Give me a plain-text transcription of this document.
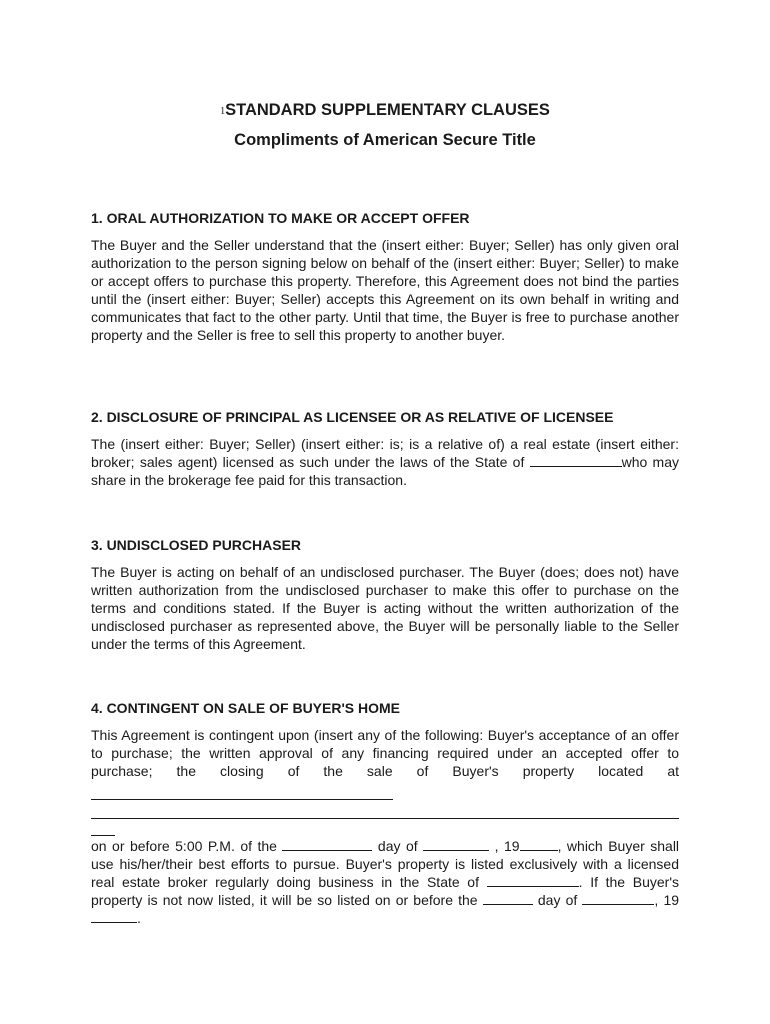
$^1$STANDARD SUPPLEMENTARY CLAUSES
Compliments of American Secure Title

1. ORAL AUTHORIZATION TO MAKE OR ACCEPT OFFER

The Buyer and the Seller understand that the (insert either: Buyer; Seller) has only given oral authorization to the person signing below on behalf of the (insert either: Buyer; Seller) to make or accept offers to purchase this property. Therefore, this Agreement does not bind the parties until the (insert either: Buyer; Seller) accepts this Agreement on its own behalf in writing and communicates that fact to the other party. Until that time, the Buyer is free to purchase another property and the Seller is free to sell this property to another buyer.

2. DISCLOSURE OF PRINCIPAL AS LICENSEE OR AS RELATIVE OF LICENSEE

The (insert either: Buyer; Seller) (insert either: is; is a relative of) a real estate (insert either: broker; sales agent) licensed as such under the laws of the State of	who may share in the brokerage fee paid for this transaction.

3. UNDISCLOSED PURCHASER

The Buyer is acting on behalf of an undisclosed purchaser. The Buyer (does; does not) have written authorization from the undisclosed purchaser to make this offer to purchase on the terms and conditions stated. If the Buyer is acting without the written authorization of the undisclosed purchaser as represented above, the Buyer will be personally liable to the Seller under the terms of this Agreement.

4. CONTINGENT ON SALE OF BUYER'S HOME

This Agreement is contingent upon (insert any of the following: Buyer's acceptance of an offer to purchase; the written approval of any financing required under an accepted offer to purchase; the closing of the sale of Buyer's property located at

on or before 5:00 P.M. of the	day of	, 19	, which Buyer shall use his/her/their best efforts to pursue. Buyer's property is listed exclusively with a licensed real estate broker regularly doing business in the State of	. If the Buyer's property is not now listed, it will be so listed on or before the	day of	, 19.
